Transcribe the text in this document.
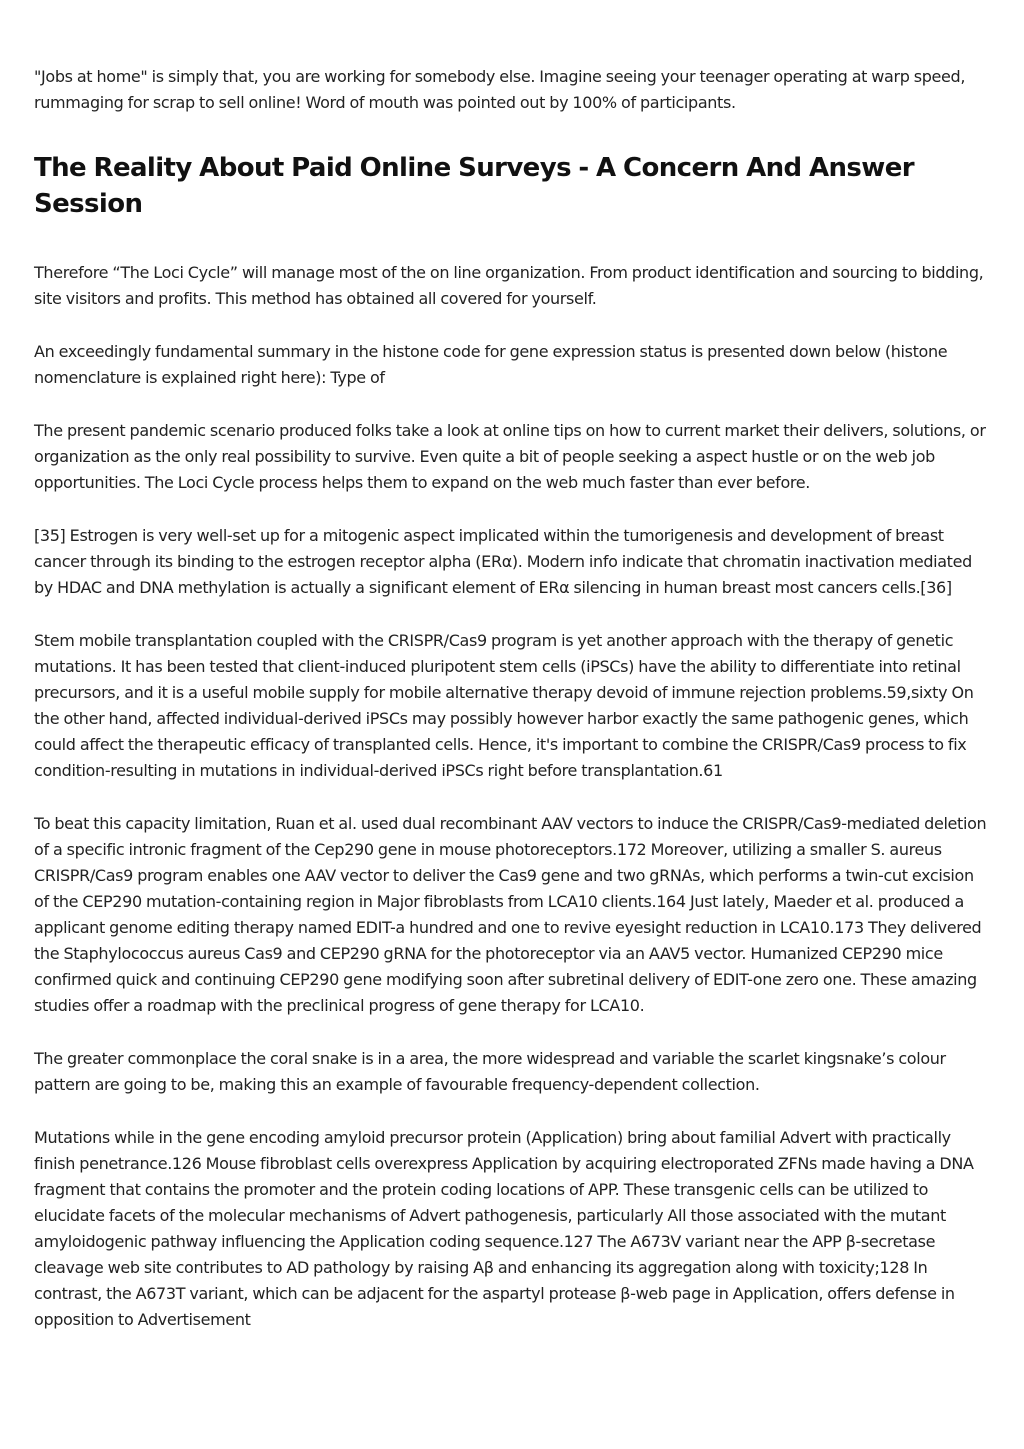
"Jobs at home" is simply that, you are working for somebody else. Imagine seeing your teenager operating at warp speed, rummaging for scrap to sell online! Word of mouth was pointed out by 100% of participants.

The Reality About Paid Online Surveys - A Concern And Answer Session

Therefore “The Loci Cycle” will manage most of the on line organization. From product identification and sourcing to bidding, site visitors and profits. This method has obtained all covered for yourself.

An exceedingly fundamental summary in the histone code for gene expression status is presented down below (histone nomenclature is explained right here): Type of

The present pandemic scenario produced folks take a look at online tips on how to current market their delivers, solutions, or organization as the only real possibility to survive. Even quite a bit of people seeking a aspect hustle or on the web job opportunities. The Loci Cycle process helps them to expand on the web much faster than ever before.

[35] Estrogen is very well-set up for a mitogenic aspect implicated within the tumorigenesis and development of breast cancer through its binding to the estrogen receptor alpha (ERα). Modern info indicate that chromatin inactivation mediated by HDAC and DNA methylation is actually a significant element of ERα silencing in human breast most cancers cells.[36]

Stem mobile transplantation coupled with the CRISPR/Cas9 program is yet another approach with the therapy of genetic mutations. It has been tested that client-induced pluripotent stem cells (iPSCs) have the ability to differentiate into retinal precursors, and it is a useful mobile supply for mobile alternative therapy devoid of immune rejection problems.59,sixty On the other hand, affected individual-derived iPSCs may possibly however harbor exactly the same pathogenic genes, which could affect the therapeutic efficacy of transplanted cells. Hence, it's important to combine the CRISPR/Cas9 process to fix condition-resulting in mutations in individual-derived iPSCs right before transplantation.61

To beat this capacity limitation, Ruan et al. used dual recombinant AAV vectors to induce the CRISPR/Cas9-mediated deletion of a specific intronic fragment of the Cep290 gene in mouse photoreceptors.172 Moreover, utilizing a smaller S. aureus CRISPR/Cas9 program enables one AAV vector to deliver the Cas9 gene and two gRNAs, which performs a twin-cut excision of the CEP290 mutation-containing region in Major fibroblasts from LCA10 clients.164 Just lately, Maeder et al. produced a applicant genome editing therapy named EDIT-a hundred and one to revive eyesight reduction in LCA10.173 They delivered the Staphylococcus aureus Cas9 and CEP290 gRNA for the photoreceptor via an AAV5 vector. Humanized CEP290 mice confirmed quick and continuing CEP290 gene modifying soon after subretinal delivery of EDIT-one zero one. These amazing studies offer a roadmap with the preclinical progress of gene therapy for LCA10.

The greater commonplace the coral snake is in a area, the more widespread and variable the scarlet kingsnake’s colour pattern are going to be, making this an example of favourable frequency-dependent collection.

Mutations while in the gene encoding amyloid precursor protein (Application) bring about familial Advert with practically finish penetrance.126 Mouse fibroblast cells overexpress Application by acquiring electroporated ZFNs made having a DNA fragment that contains the promoter and the protein coding locations of APP. These transgenic cells can be utilized to elucidate facets of the molecular mechanisms of Advert pathogenesis, particularly All those associated with the mutant amyloidogenic pathway influencing the Application coding sequence.127 The A673V variant near the APP β-secretase cleavage web site contributes to AD pathology by raising Aβ and enhancing its aggregation along with toxicity;128 In contrast, the A673T variant, which can be adjacent for the aspartyl protease β-web page in Application, offers defense in opposition to Advertisement
